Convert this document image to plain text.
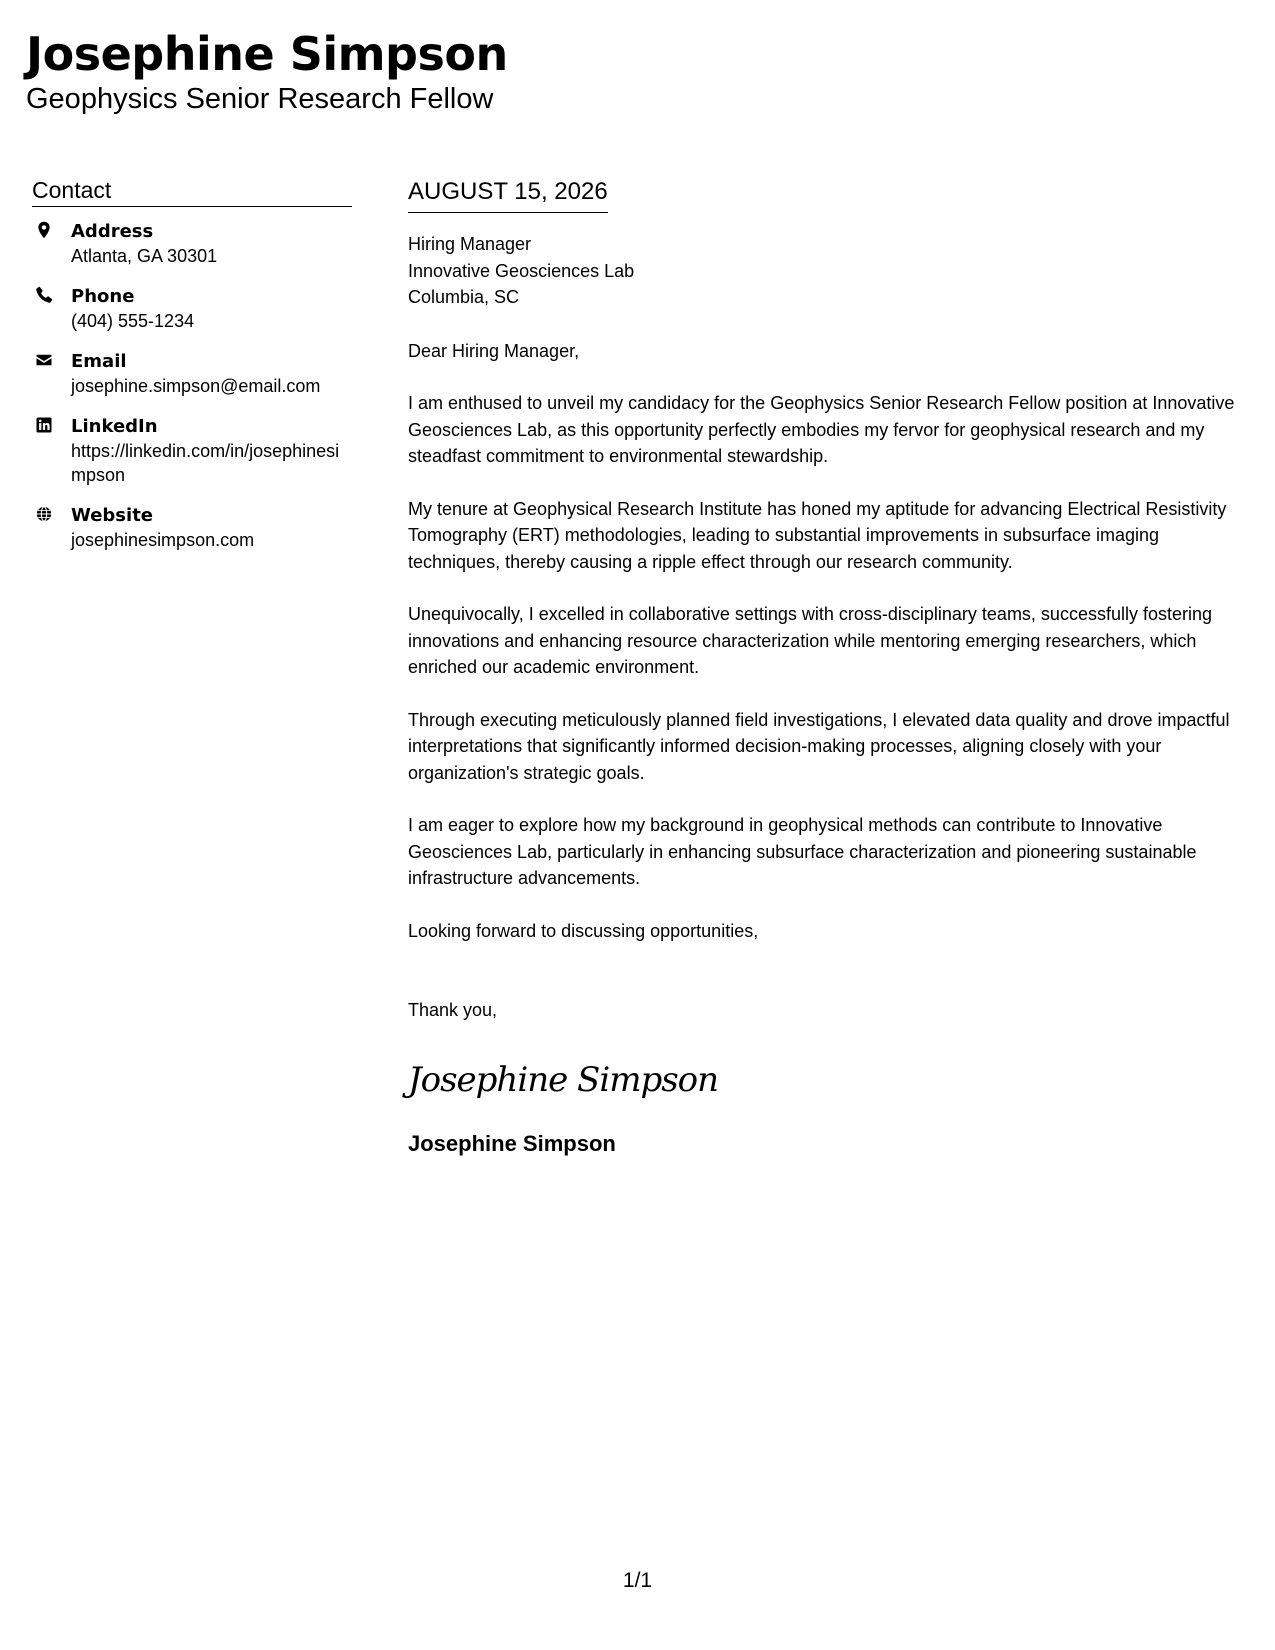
Josephine Simpson
Geophysics Senior Research Fellow
Contact
Address
Atlanta, GA 30301
Phone
(404) 555-1234
Email
josephine.simpson@email.com
LinkedIn
https://linkedin.com/in/josephinesimpson
Website
josephinesimpson.com
AUGUST 15, 2026
Hiring Manager
Innovative Geosciences Lab
Columbia, SC

Dear Hiring Manager,

I am enthused to unveil my candidacy for the Geophysics Senior Research Fellow position at Innovative Geosciences Lab, as this opportunity perfectly embodies my fervor for geophysical research and my steadfast commitment to environmental stewardship.

My tenure at Geophysical Research Institute has honed my aptitude for advancing Electrical Resistivity Tomography (ERT) methodologies, leading to substantial improvements in subsurface imaging techniques, thereby causing a ripple effect through our research community.

Unequivocally, I excelled in collaborative settings with cross-disciplinary teams, successfully fostering innovations and enhancing resource characterization while mentoring emerging researchers, which enriched our academic environment.

Through executing meticulously planned field investigations, I elevated data quality and drove impactful interpretations that significantly informed decision-making processes, aligning closely with your organization's strategic goals.

I am eager to explore how my background in geophysical methods can contribute to Innovative Geosciences Lab, particularly in enhancing subsurface characterization and pioneering sustainable infrastructure advancements.

Looking forward to discussing opportunities,

Thank you,

Josephine Simpson
Josephine Simpson
1/1
